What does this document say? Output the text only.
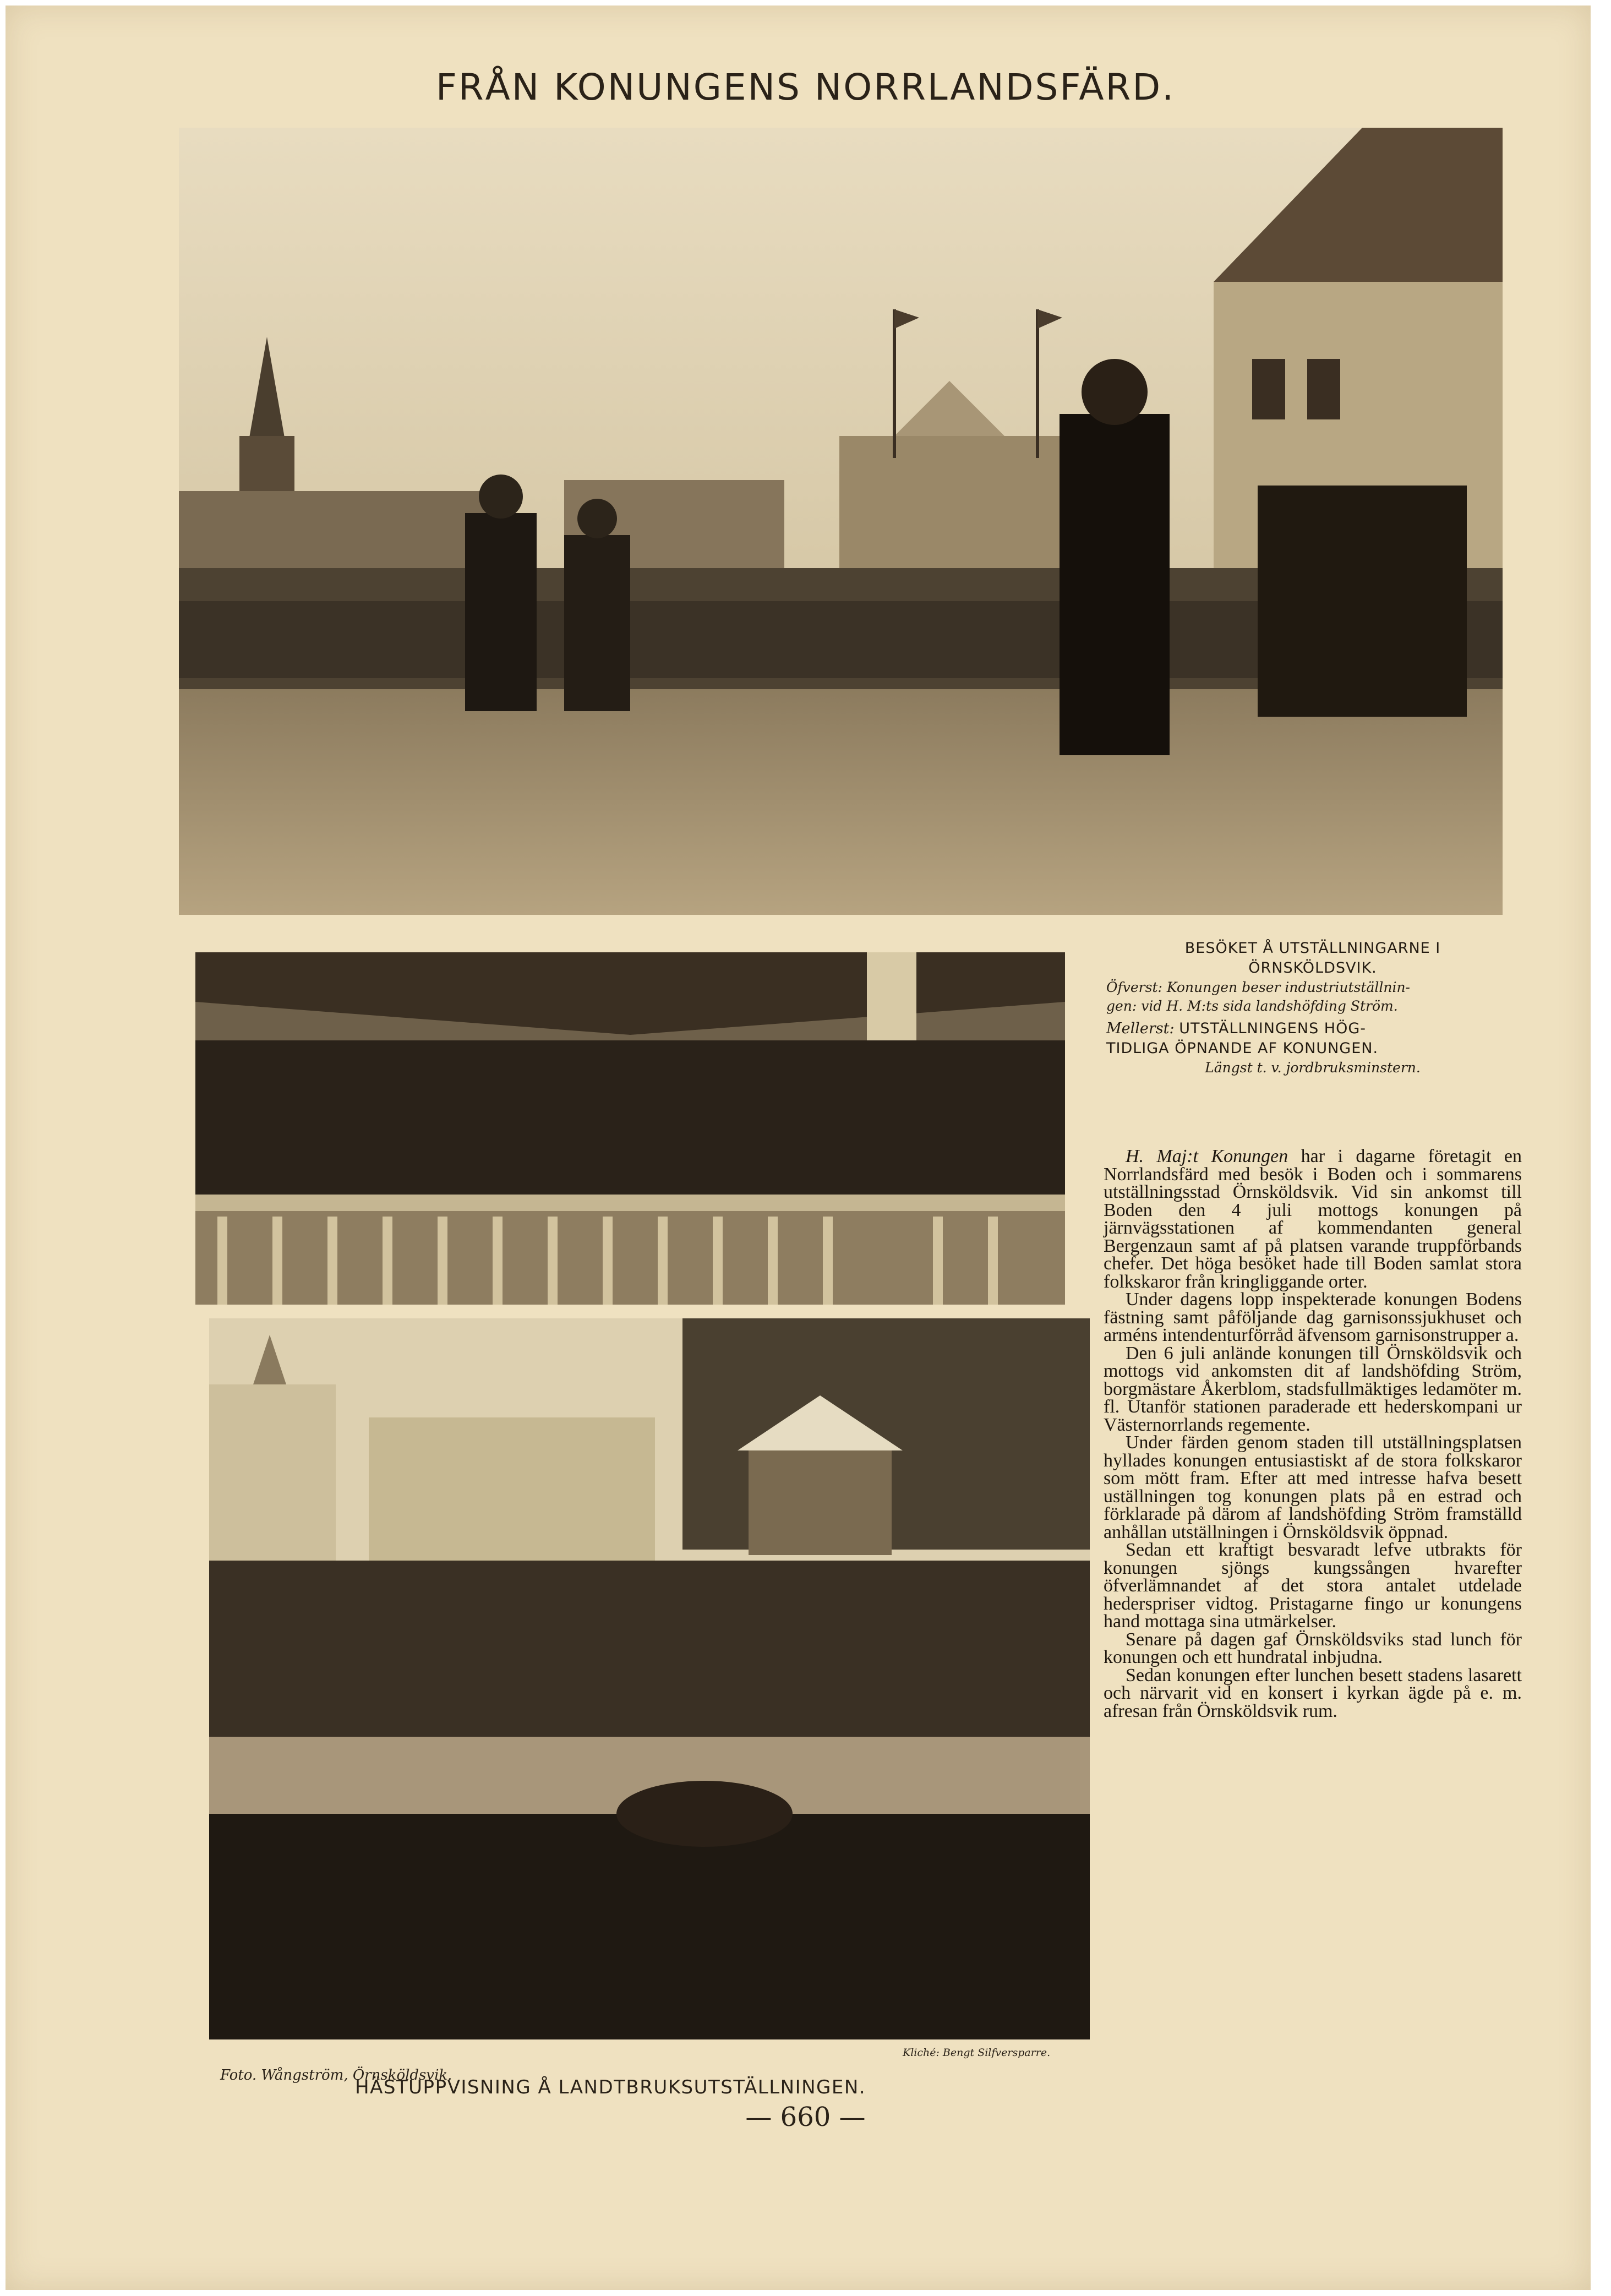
FRÅN KONUNGENS NORRLANDSFÄRD.
BESÖKET Å UTSTÄLLNINGARNE I
ÖRNSKÖLDSVIK.
Öfverst: Konungen beser industriutställnin-
gen: vid H. M:ts sida landshöfding Ström.
Mellerst: UTSTÄLLNINGENS HÖG-
TIDLIGA ÖPNANDE AF KONUNGEN.
Längst t. v. jordbruksminstern.

H. Maj:t Konungen har i dagarne företagit en Norrlandsfärd med besök i Boden och i sommarens utställningsstad Örnsköldsvik. Vid sin ankomst till Boden den 4 juli mottogs konungen på järnvägsstationen af kommendanten general Bergenzaun samt af på platsen varande truppförbands chefer. Det höga besöket hade till Boden samlat stora folkskaror från kringliggande orter.

Under dagens lopp inspekterade konungen Bodens fästning samt påföljande dag garnisonssjukhuset och arméns intendenturförråd äfvensom garnisonstrupper a.

Den 6 juli anlände konungen till Örnsköldsvik och mottogs vid ankomsten dit af landshöfding Ström, borgmästare Åkerblom, stadsfullmäktiges ledamöter m. fl. Utanför stationen paraderade ett hederskompani ur Västernorrlands regemente.

Under färden genom staden till utställningsplatsen hyllades konungen entusiastiskt af de stora folkskaror som mött fram. Efter att med intresse hafva besett uställningen tog konungen plats på en estrad och förklarade på därom af landshöfding Ström framställd anhållan utställningen i Örnsköldsvik öppnad.

Sedan ett kraftigt besvaradt lefve utbrakts för konungen sjöngs kungssången hvarefter öfverlämnandet af det stora antalet utdelade hederspriser vidtog. Pristagarne fingo ur konungens hand mottaga sina utmärkelser.

Senare på dagen gaf Örnsköldsviks stad lunch för konungen och ett hundratal inbjudna.

Sedan konungen efter lunchen besett stadens lasarett och närvarit vid en konsert i kyrkan ägde på e. m. afresan från Örnsköldsvik rum.

Kliché: Bengt Silfversparre.
Foto. Wångström, Örnsköldsvik.
HÄSTUPPVISNING Å LANDTBRUKSUTSTÄLLNINGEN.
— 660 —
